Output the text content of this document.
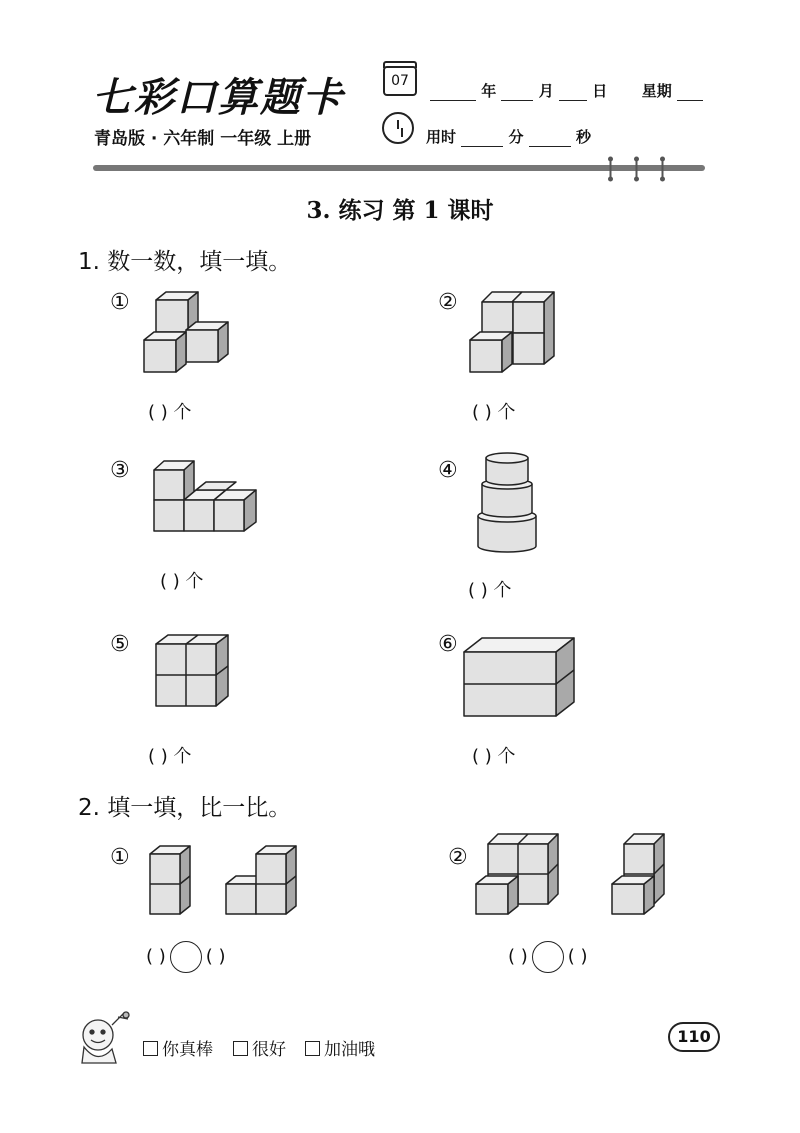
七彩口算题卡	07
年	月	日 星期
青岛版 · 六年制 一年级 上册	用时	分	秒
3. 练习 第 1 课时
1. 数一数，填一填。
①
( ) 个
②
( ) 个
③
( ) 个
④
( ) 个
⑤
( ) 个
⑥
( ) 个
2. 填一填，比一比。
①
( ) ( )
②
( ) ( )
你真棒	很好	加油哦
110
